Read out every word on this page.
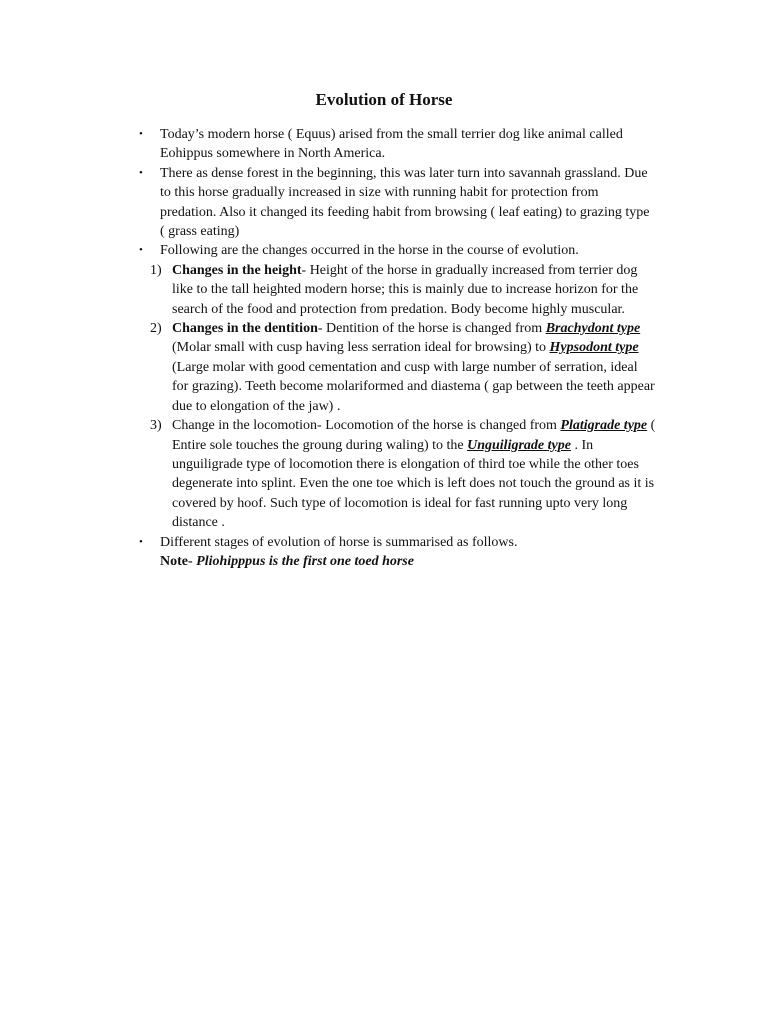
Evolution of Horse
• Today’s modern horse ( Equus) arised from the small terrier dog like animal called Eohippus somewhere in North America.
• There as dense forest in the beginning, this was later turn into savannah grassland. Due to this horse gradually increased in size with running habit for protection from predation. Also it changed its feeding habit from browsing ( leaf eating) to grazing type ( grass eating)
• Following are the changes occurred in the horse in the course of evolution.
1) Changes in the height- Height of the horse in gradually increased from terrier dog like to the tall heighted modern horse; this is mainly due to increase horizon for the search of the food and protection from predation. Body become highly muscular.
2) Changes in the dentition- Dentition of the horse is changed from Brachydont type (Molar small with cusp having less serration ideal for browsing) to Hypsodont type (Large molar with good cementation and cusp with large number of serration, ideal for grazing). Teeth become molariformed and diastema ( gap between the teeth appear due to elongation of the jaw) .
3) Change in the locomotion- Locomotion of the horse is changed from Platigrade type ( Entire sole touches the groung during waling) to the Unguiligrade type . In unguiligrade type of locomotion there is elongation of third toe while the other toes degenerate into splint. Even the one toe which is left does not touch the ground as it is covered by hoof. Such type of locomotion is ideal for fast running upto very long distance .
• Different stages of evolution of horse is summarised as follows.
Note- Pliohipppus is the first one toed horse
